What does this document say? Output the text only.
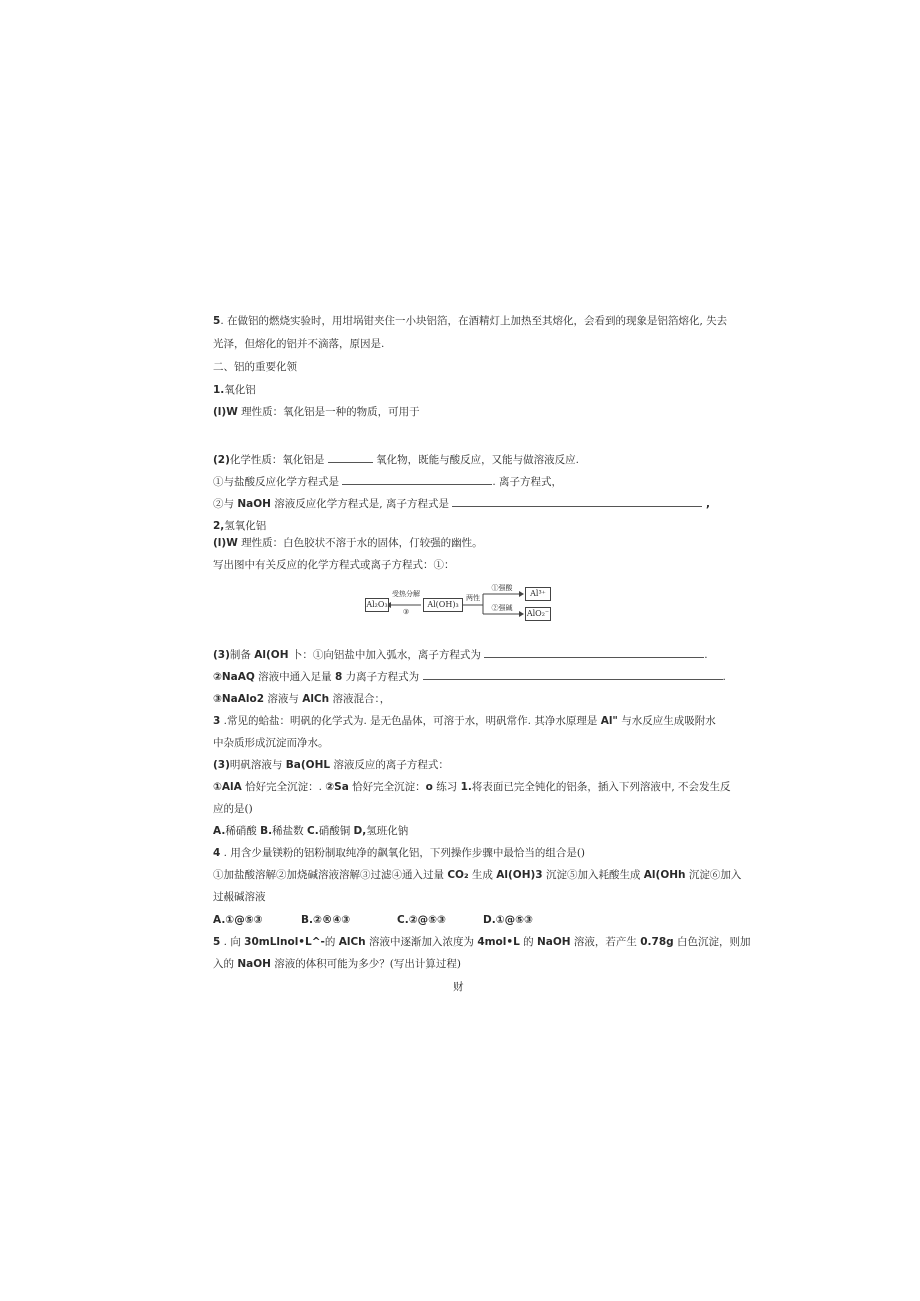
5. 在做铝的燃烧实验时，用坩埚钳夹住一小块铝箔，在酒精灯上加热至其熔化，会看到的现象是铝箔熔化, 失去
光泽，但熔化的铝并不滴落，原因是.
二、铝的重要化领
1.氧化铝
(l)W 理性质：氧化铝是一种的物质，可用于
(2)化学性质：氧化铝是	氧化物，既能与酸反应，又能与做溶液反应.
①与盐酸反应化学方程式是	. 离子方程式，
②与 NaOH 溶液反应化学方程式是, 离子方程式是	,
2,氢氧化铝
(l)W 理性质：白色胶状不溶于水的固体，仃较强的幽性。
写出图中有关反应的化学方程式或离子方程式：①：
Al₂O₃
受热分解
③
Al(OH)₃
两性
①强酸
②强碱
Al³⁺
AlO₂⁻
(3)制备 Al(OH 卜：①向铝盐中加入弧水，离子方程式为	.
②NaAQ 溶液中通入足量 8 力离子方程式为	.
③NaAlo2 溶液与 AlCh 溶液混合：，
3 .常见的蛤盐：明矾的化学式为. 是无色晶体，可溶于水，明矾常作. 其净水原理是 Al" 与水反应生成吸附水
中杂质形成沉淀而净水。
(3)明矾溶液与 Ba(OHL 溶液反应的离子方程式：
①AlA 恰好完全沉淀：. ②Sa 恰好完全沉淀：o 练习 1.将表面已完全钝化的铝条，插入下列溶液中, 不会发生反
应的是()
A.稀硝酸 B.稀盐数 C.硝酸铜 D,氢班化钠
4 . 用含少量镁粉的铝粉制取纯净的飙氧化铝，下列操作步骤中最恰当的组合是()
①加盐酸溶解②加烧碱溶液溶解③过滤④通入过量 CO₂ 生成 Al(OH)3 沉淀⑤加入耗酸生成 Al(OHh 沉淀⑥加入
过赧碱溶液
A.①@⑤③	B.②®④③	C.②@⑤③	D.①@⑤③
5 . 向 30mLlnol•L^-的 AlCh 溶液中逐渐加入浓度为 4mol•L 的 NaOH 溶液，若产生 0.78g 白色沉淀，则加
入的 NaOH 溶液的体积可能为多少？(写出计算过程)
财
